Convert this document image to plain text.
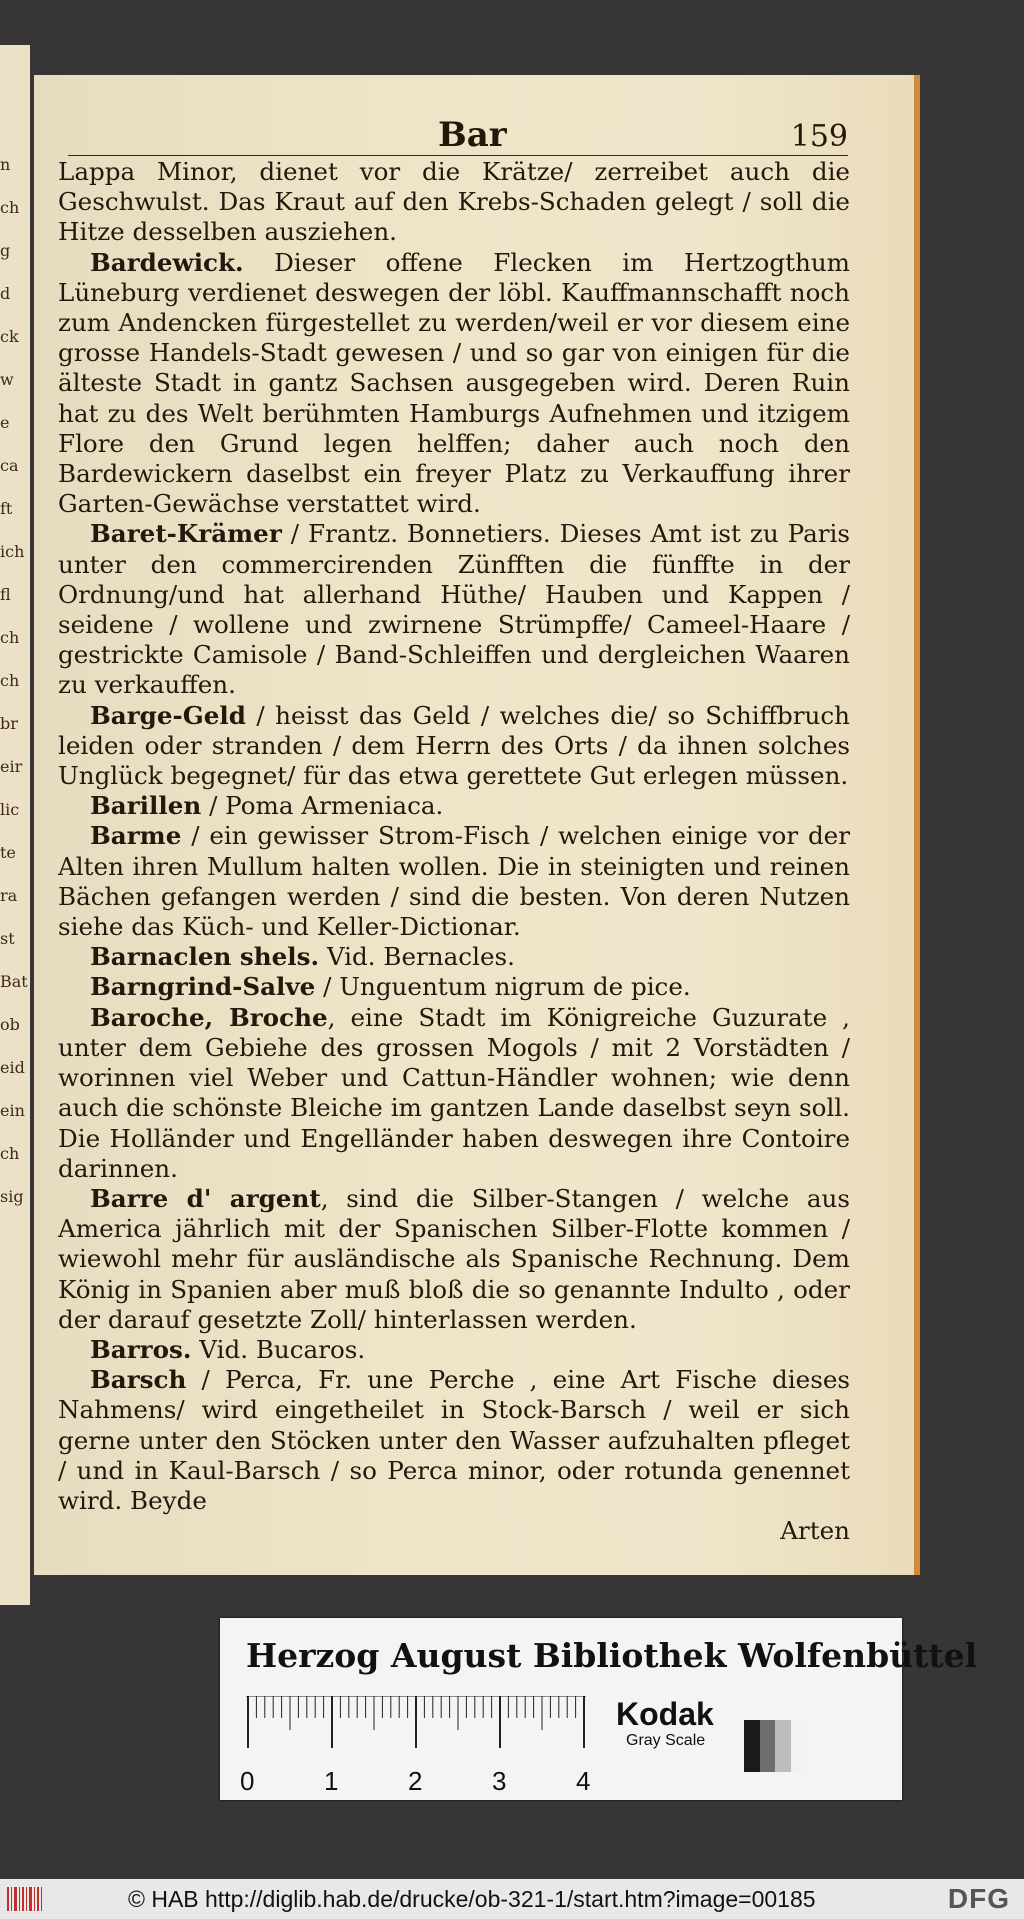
n
ch
g
d
ck
w
e
ca
ft
ich
fl
ch
ch
br
eir
lic
te
ra
st
Bat
ob
eid
ein
ch
sig
Bar	159

Lappa Minor, dienet vor die Krätze/ zerreibet auch die Geschwulst. Das Kraut auf den Krebs-Schaden gelegt / soll die Hitze desselben ausziehen.

Bardewick. Dieser offene Flecken im Hertzogthum Lüneburg verdienet deswegen der löbl. Kauffmannschafft noch zum Andencken fürgestellet zu werden/weil er vor diesem eine grosse Handels-Stadt gewesen / und so gar von einigen für die älteste Stadt in gantz Sachsen ausgegeben wird. Deren Ruin hat zu des Welt berühmten Hamburgs Aufnehmen und itzigem Flore den Grund legen helffen; daher auch noch den Bardewickern daselbst ein freyer Platz zu Verkauffung ihrer Garten-Gewächse verstattet wird.

Baret-Krämer / Frantz. Bonnetiers. Dieses Amt ist zu Paris unter den commercirenden Zünfften die fünffte in der Ordnung/und hat allerhand Hüthe/ Hauben und Kappen / seidene / wollene und zwirnene Strümpffe/ Cameel-Haare / gestrickte Camisole / Band-Schleiffen und dergleichen Waaren zu verkauffen.

Barge-Geld / heisst das Geld / welches die/ so Schiffbruch leiden oder stranden / dem Herrn des Orts / da ihnen solches Unglück begegnet/ für das etwa gerettete Gut erlegen müssen.

Barillen / Poma Armeniaca.

Barme / ein gewisser Strom-Fisch / welchen einige vor der Alten ihren Mullum halten wollen. Die in steinigten und reinen Bächen gefangen werden / sind die besten. Von deren Nutzen siehe das Küch- und Keller-Dictionar.

Barnaclen shels. Vid. Bernacles.

Barngrind-Salve / Unguentum nigrum de pice.

Baroche, Broche, eine Stadt im Königreiche Guzurate , unter dem Gebiehe des grossen Mogols / mit 2 Vorstädten / worinnen viel Weber und Cattun-Händler wohnen; wie denn auch die schönste Bleiche im gantzen Lande daselbst seyn soll. Die Holländer und Engelländer haben deswegen ihre Contoire darinnen.

Barre d' argent, sind die Silber-Stangen / welche aus America jährlich mit der Spanischen Silber-Flotte kommen / wiewohl mehr für ausländische als Spanische Rechnung. Dem König in Spanien aber muß bloß die so genannte Indulto , oder der darauf gesetzte Zoll/ hinterlassen werden.

Barros. Vid. Bucaros.

Barsch / Perca, Fr. une Perche , eine Art Fische dieses Nahmens/ wird eingetheilet in Stock-Barsch / weil er sich gerne unter den Stöcken unter den Wasser aufzuhalten pfleget / und in Kaul-Barsch / so Perca minor, oder rotunda genennet wird. Beyde

Arten

Herzog August Bibliothek Wolfenbüttel
0	1	2	3	4
Kodak
Gray Scale
© HAB http://diglib.hab.de/drucke/ob-321-1/start.htm?image=00185	DFG
